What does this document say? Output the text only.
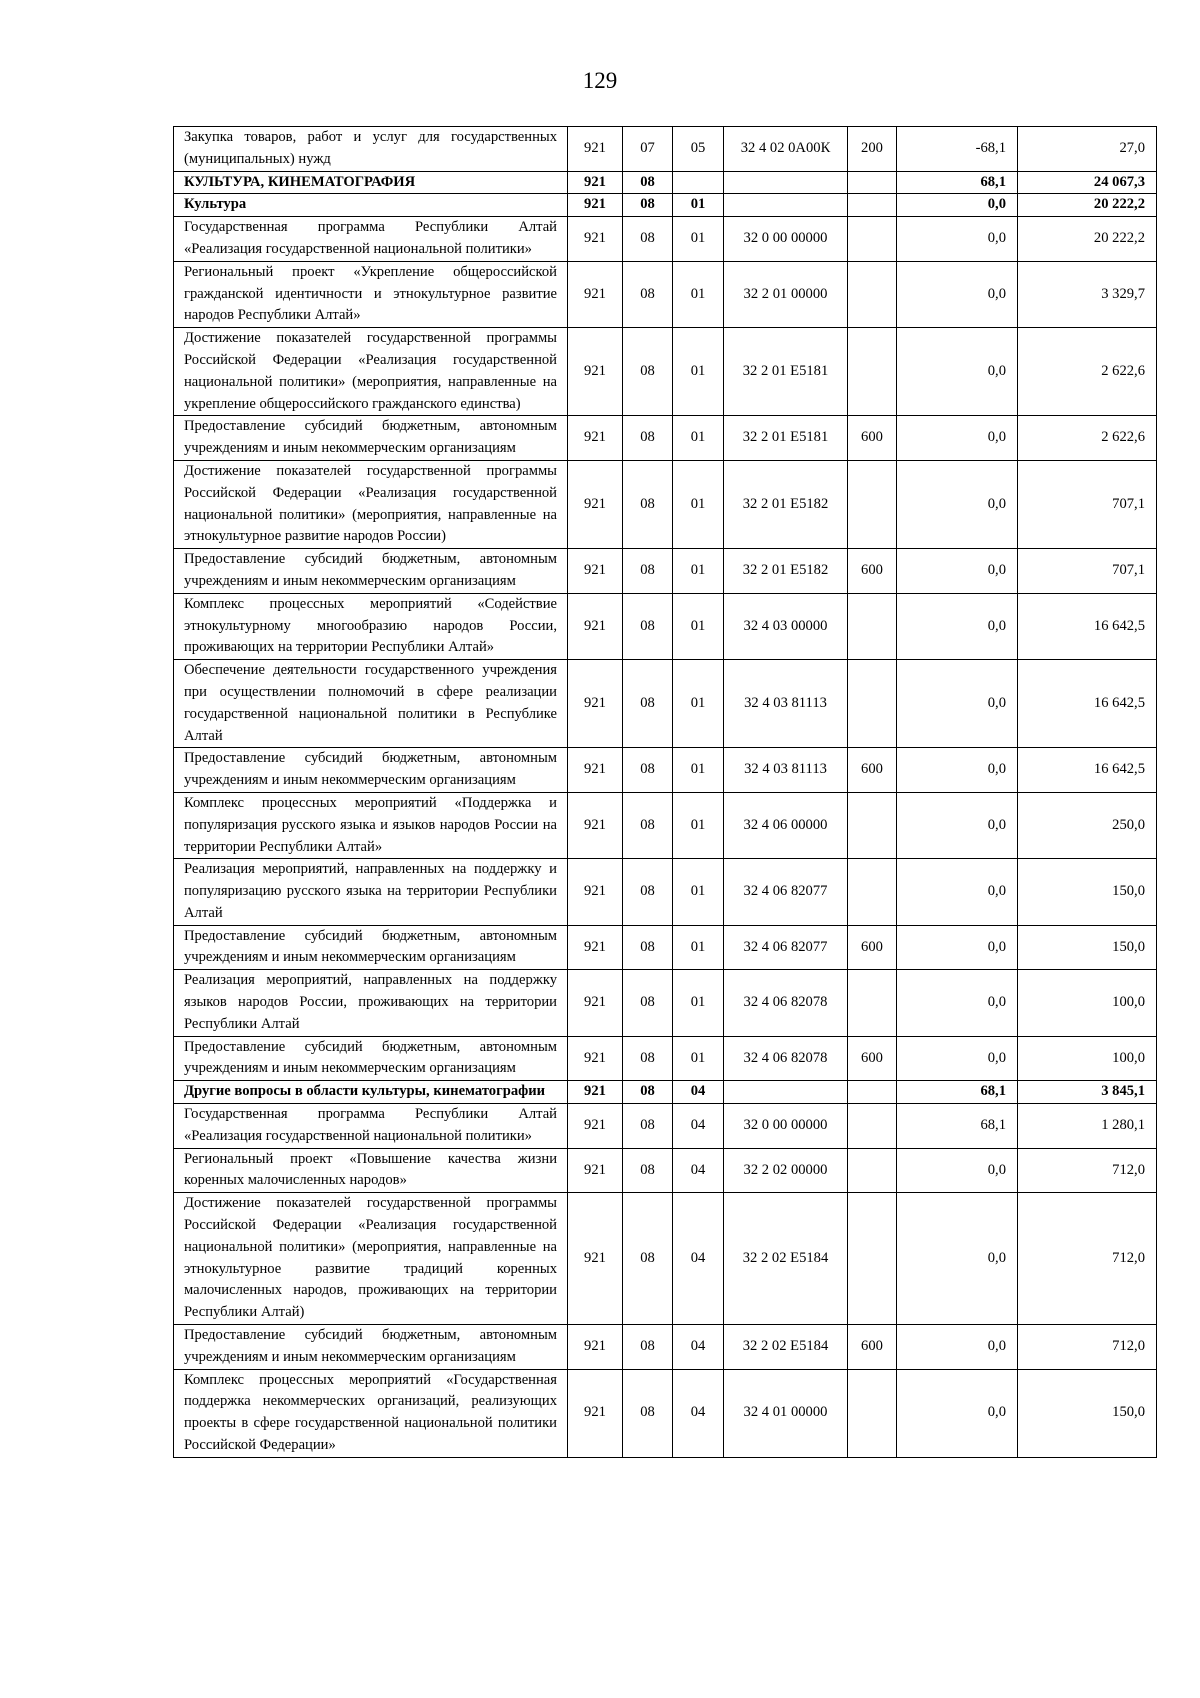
129
Закупка товаров, работ и услуг для государственных (муниципальных) нужд	921	07	05	32 4 02 0А00К	200	-68,1	27,0
КУЛЬТУРА, КИНЕМАТОГРАФИЯ	921	08				68,1	24 067,3
Культура	921	08	01			0,0	20 222,2
Государственная программа Республики Алтай «Реализация государственной национальной политики»	921	08	01	32 0 00 00000		0,0	20 222,2
Региональный проект «Укрепление общероссийской гражданской идентичности и этнокультурное развитие народов Республики Алтай»	921	08	01	32 2 01 00000		0,0	3 329,7
Достижение показателей государственной программы Российской Федерации «Реализация государственной национальной политики» (мероприятия, направленные на укрепление общероссийского гражданского единства)	921	08	01	32 2 01 Е5181		0,0	2 622,6
Предоставление субсидий бюджетным, автономным учреждениям и иным некоммерческим организациям	921	08	01	32 2 01 Е5181	600	0,0	2 622,6
Достижение показателей государственной программы Российской Федерации «Реализация государственной национальной политики» (мероприятия, направленные на этнокультурное развитие народов России)	921	08	01	32 2 01 Е5182		0,0	707,1
Предоставление субсидий бюджетным, автономным учреждениям и иным некоммерческим организациям	921	08	01	32 2 01 Е5182	600	0,0	707,1
Комплекс процессных мероприятий «Содействие этнокультурному многообразию народов России, проживающих на территории Республики Алтай»	921	08	01	32 4 03 00000		0,0	16 642,5
Обеспечение деятельности государственного учреждения при осуществлении полномочий в сфере реализации государственной национальной политики в Республике Алтай	921	08	01	32 4 03 81113		0,0	16 642,5
Предоставление субсидий бюджетным, автономным учреждениям и иным некоммерческим организациям	921	08	01	32 4 03 81113	600	0,0	16 642,5
Комплекс процессных мероприятий «Поддержка и популяризация русского языка и языков народов России на территории Республики Алтай»	921	08	01	32 4 06 00000		0,0	250,0
Реализация мероприятий, направленных на поддержку и популяризацию русского языка на территории Республики Алтай	921	08	01	32 4 06 82077		0,0	150,0
Предоставление субсидий бюджетным, автономным учреждениям и иным некоммерческим организациям	921	08	01	32 4 06 82077	600	0,0	150,0
Реализация мероприятий, направленных на поддержку языков народов России, проживающих на территории Республики Алтай	921	08	01	32 4 06 82078		0,0	100,0
Предоставление субсидий бюджетным, автономным учреждениям и иным некоммерческим организациям	921	08	01	32 4 06 82078	600	0,0	100,0
Другие вопросы в области культуры, кинематографии	921	08	04			68,1	3 845,1
Государственная программа Республики Алтай «Реализация государственной национальной политики»	921	08	04	32 0 00 00000		68,1	1 280,1
Региональный проект «Повышение качества жизни коренных малочисленных народов»	921	08	04	32 2 02 00000		0,0	712,0
Достижение показателей государственной программы Российской Федерации «Реализация государственной национальной политики» (мероприятия, направленные на этнокультурное развитие традиций коренных малочисленных народов, проживающих на территории Республики Алтай)	921	08	04	32 2 02 Е5184		0,0	712,0
Предоставление субсидий бюджетным, автономным учреждениям и иным некоммерческим организациям	921	08	04	32 2 02 Е5184	600	0,0	712,0
Комплекс процессных мероприятий «Государственная поддержка некоммерческих организаций, реализующих проекты в сфере государственной национальной политики Российской Федерации»	921	08	04	32 4 01 00000		0,0	150,0
